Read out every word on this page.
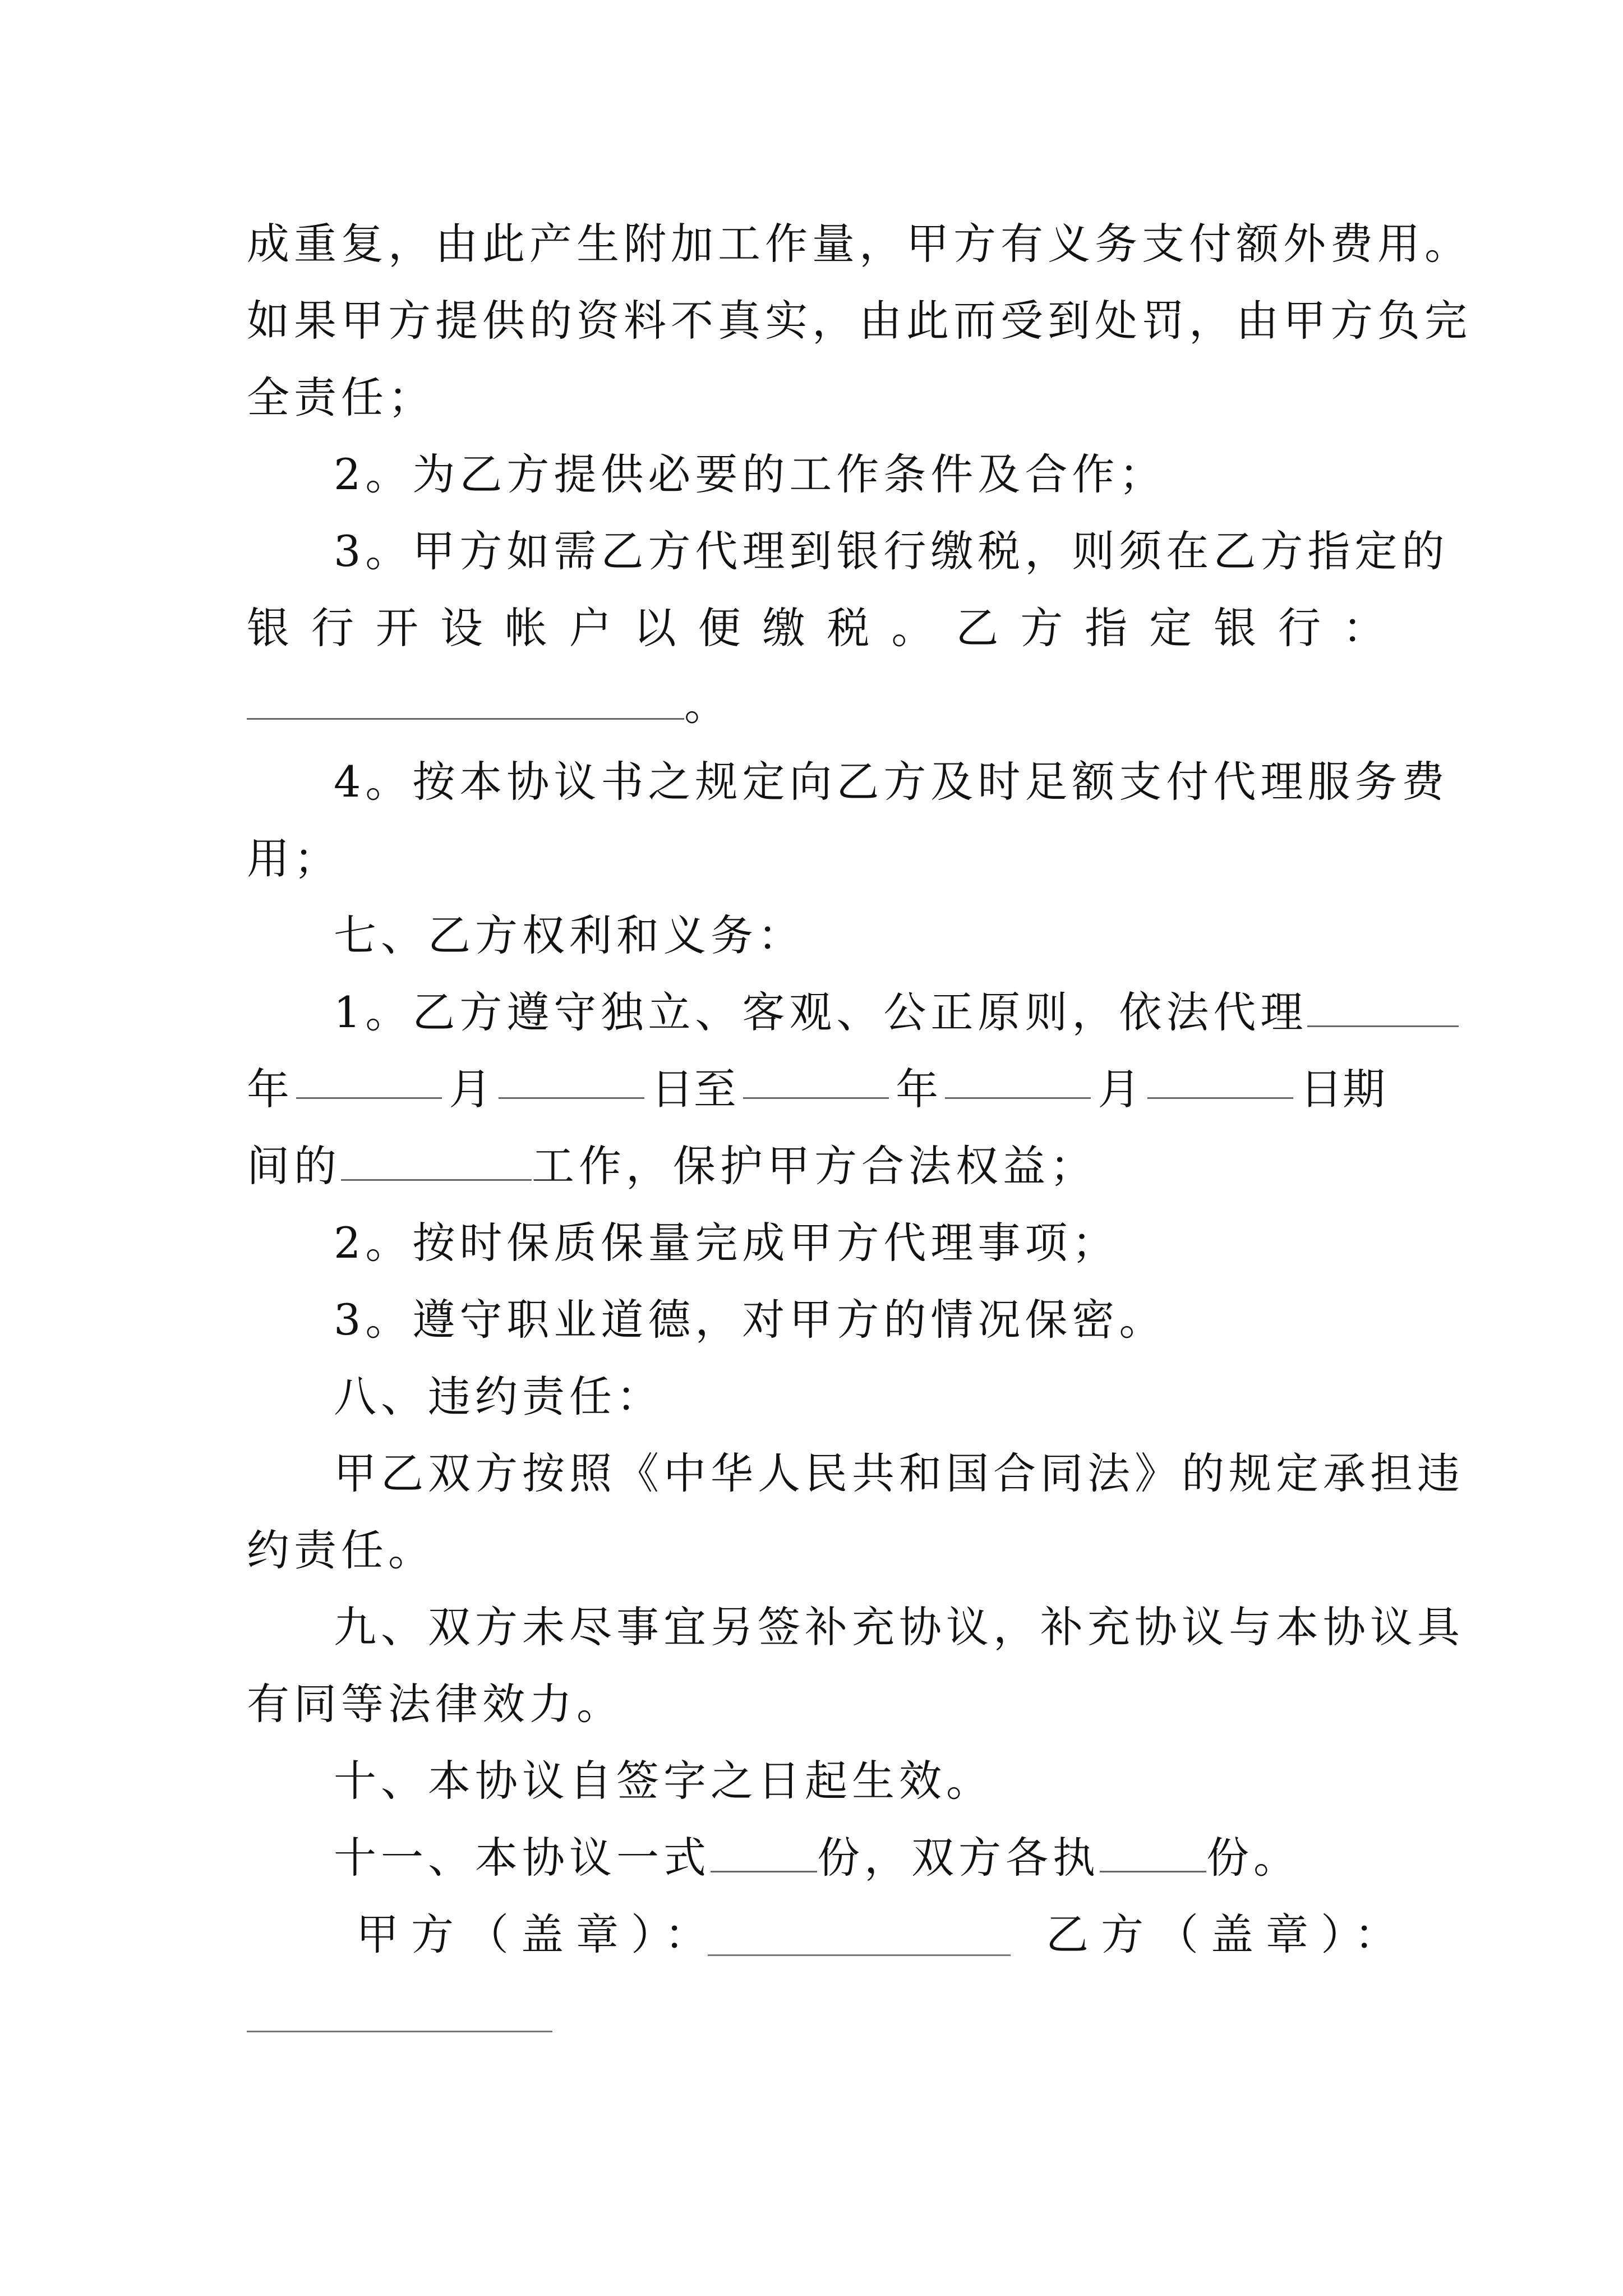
成重复，由此产生附加工作量，甲方有义务支付额外费用。
如果甲方提供的资料不真实，由此而受到处罚，由甲方负完
全责任；
2。为乙方提供必要的工作条件及合作；
3。甲方如需乙方代理到银行缴税，则须在乙方指定的
银 行 开 设 帐 户 以 便 缴 税 。 乙 方 指 定 银 行 ：
。
4。按本协议书之规定向乙方及时足额支付代理服务费
用；
七、乙方权利和义务：
1。乙方遵守独立、客观、公正原则，依法代理
年	月	日至	年	月	日期
间的	工作，保护甲方合法权益；
2。按时保质保量完成甲方代理事项；
3。遵守职业道德，对甲方的情况保密。
八、违约责任：
甲乙双方按照《中华人民共和国合同法》的规定承担违
约责任。
九、双方未尽事宜另签补充协议，补充协议与本协议具
有同等法律效力。
十、本协议自签字之日起生效。
十一、本协议一式	份，双方各执	份。
甲方（盖章）：	乙方（盖章）：
